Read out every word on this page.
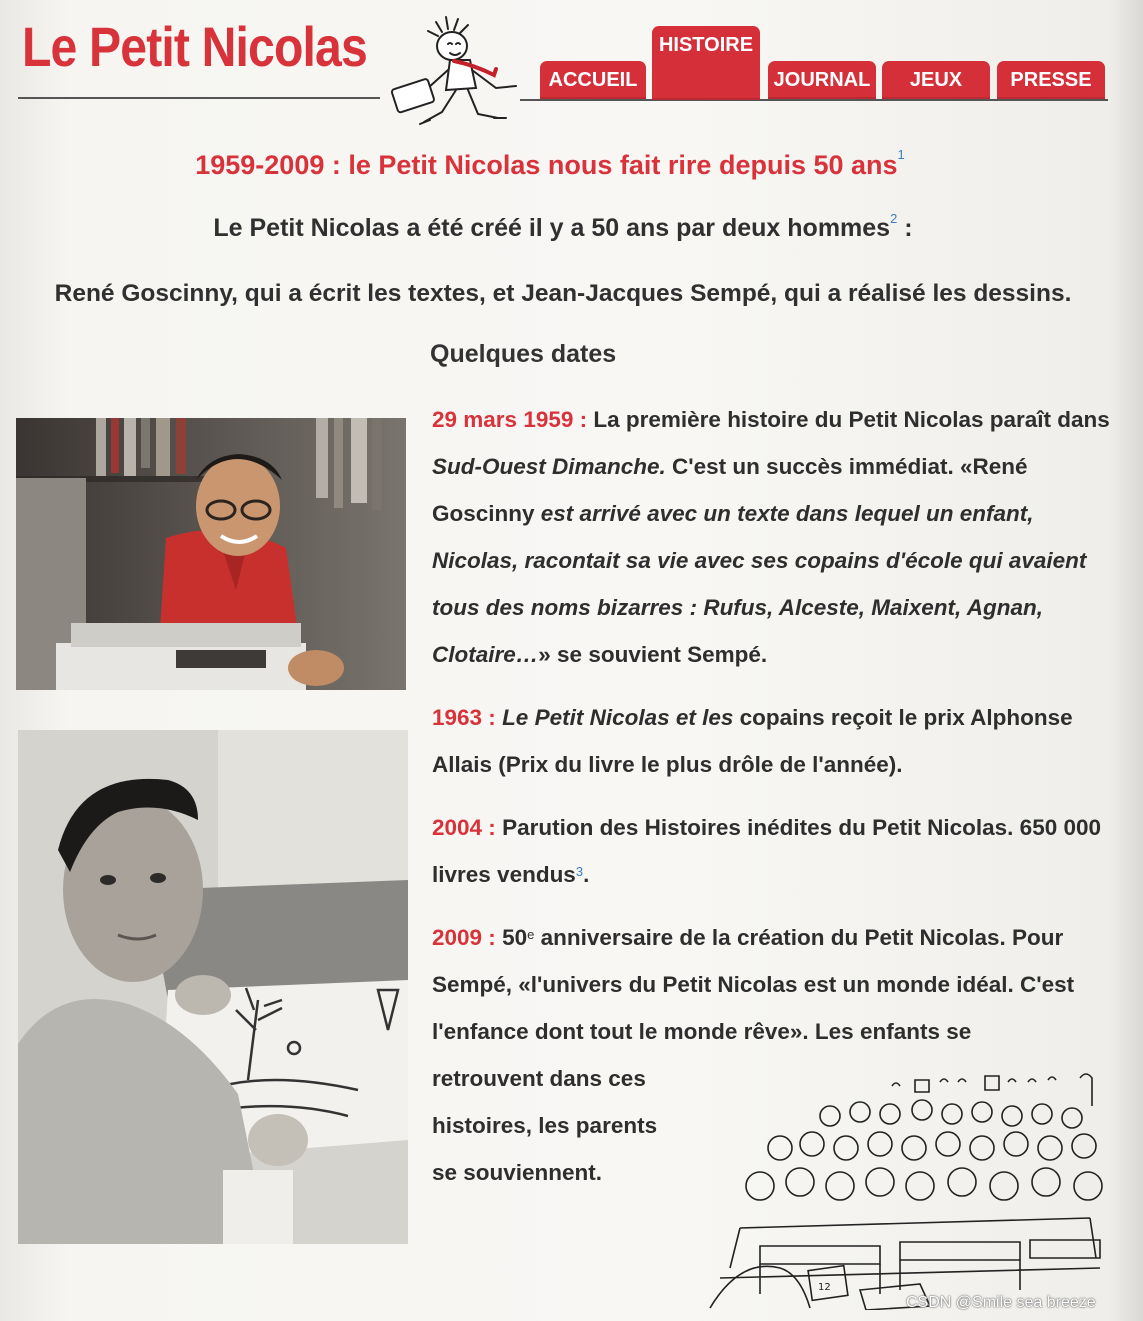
Le Petit Nicolas
ACCUEIL
HISTOIRE
JOURNAL JEUX PRESSE
1959-2009 : le Petit Nicolas nous fait rire depuis 50 ans$^1$
Le Petit Nicolas a été créé il y a 50 ans par deux hommes$^2$ :
René Goscinny, qui a écrit les textes, et Jean-Jacques Sempé, qui a réalisé les dessins.
Quelques dates
29 mars 1959 : La première histoire du Petit Nicolas paraît dans Sud-Ouest Dimanche. C'est un succès immédiat. «René Goscinny est arrivé avec un texte dans lequel un enfant, Nicolas, racontait sa vie avec ses copains d'école qui avaient tous des noms bizarres : Rufus, Alceste, Maixent, Agnan, Clotaire…» se souvient Sempé.
1963 : Le Petit Nicolas et les copains reçoit le prix Alphonse Allais (Prix du livre le plus drôle de l'année).
2004 : Parution des Histoires inédites du Petit Nicolas. 650 000 livres vendus$^3$.
2009 : 50e anniversaire de la création du Petit Nicolas. Pour Sempé, «l'univers du Petit Nicolas est un monde idéal. C'est l'enfance dont tout le monde rêve». Les enfants se
retrouvent dans ces
histoires, les parents
se souviennent.
12
CSDN @Smile sea breeze
